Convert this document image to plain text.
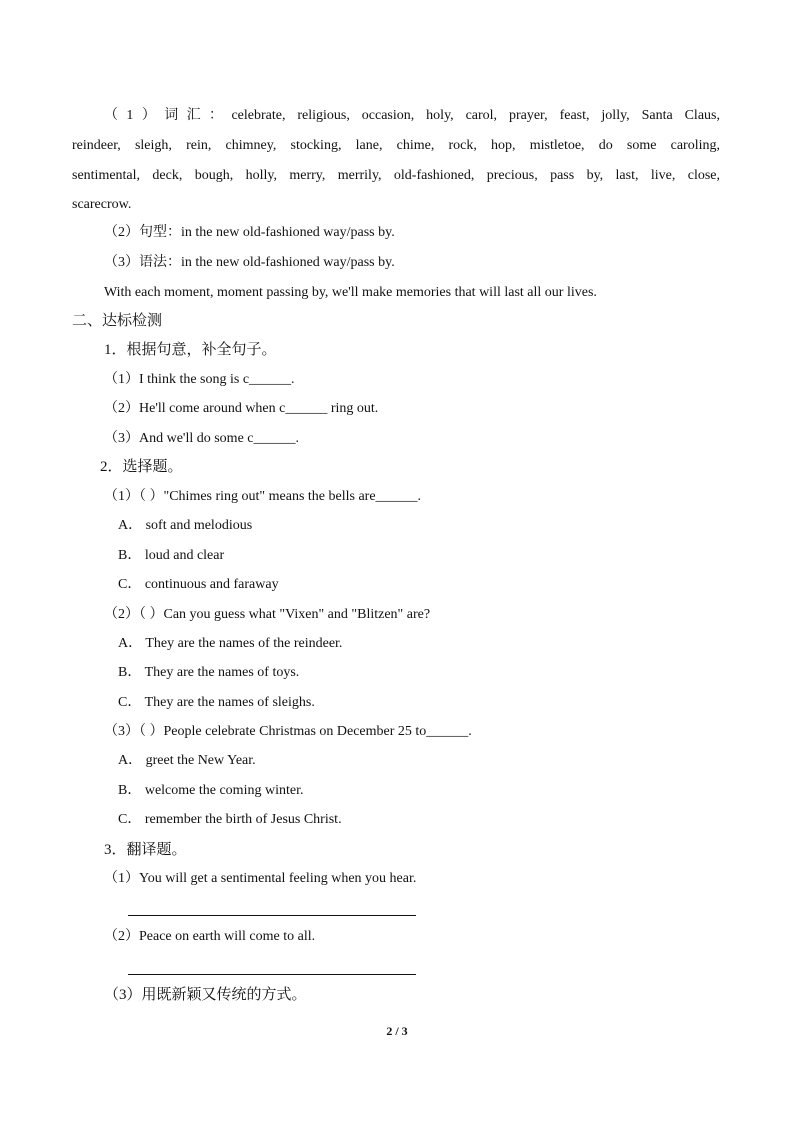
（1）词汇：celebrate, religious, occasion, holy, carol, prayer, feast, jolly, Santa Claus,
reindeer, sleigh, rein, chimney, stocking, lane, chime, rock, hop, mistletoe, do some caroling,
sentimental, deck, bough, holly, merry, merrily, old-fashioned, precious, pass by, last, live, close,
scarecrow.
（2）句型：in the new old-fashioned way/pass by.
（3）语法：in the new old-fashioned way/pass by.
With each moment, moment passing by, we'll make memories that will last all our lives.
二、达标检测
1．根据句意，补全句子。
（1）I think the song is c______.
（2）He'll come around when c______ ring out.
（3）And we'll do some c______.
2．选择题。
（1）（ ）"Chimes ring out" means the bells are______.
A． soft and melodious
B． loud and clear
C． continuous and faraway
（2）（ ）Can you guess what "Vixen" and "Blitzen" are?
A． They are the names of the reindeer.
B． They are the names of toys.
C． They are the names of sleighs.
（3）（ ）People celebrate Christmas on December 25 to______.
A． greet the New Year.
B． welcome the coming winter.
C． remember the birth of Jesus Christ.
3．翻译题。
（1）You will get a sentimental feeling when you hear.
（2）Peace on earth will come to all.
（3）用既新颖又传统的方式。
2 / 3
